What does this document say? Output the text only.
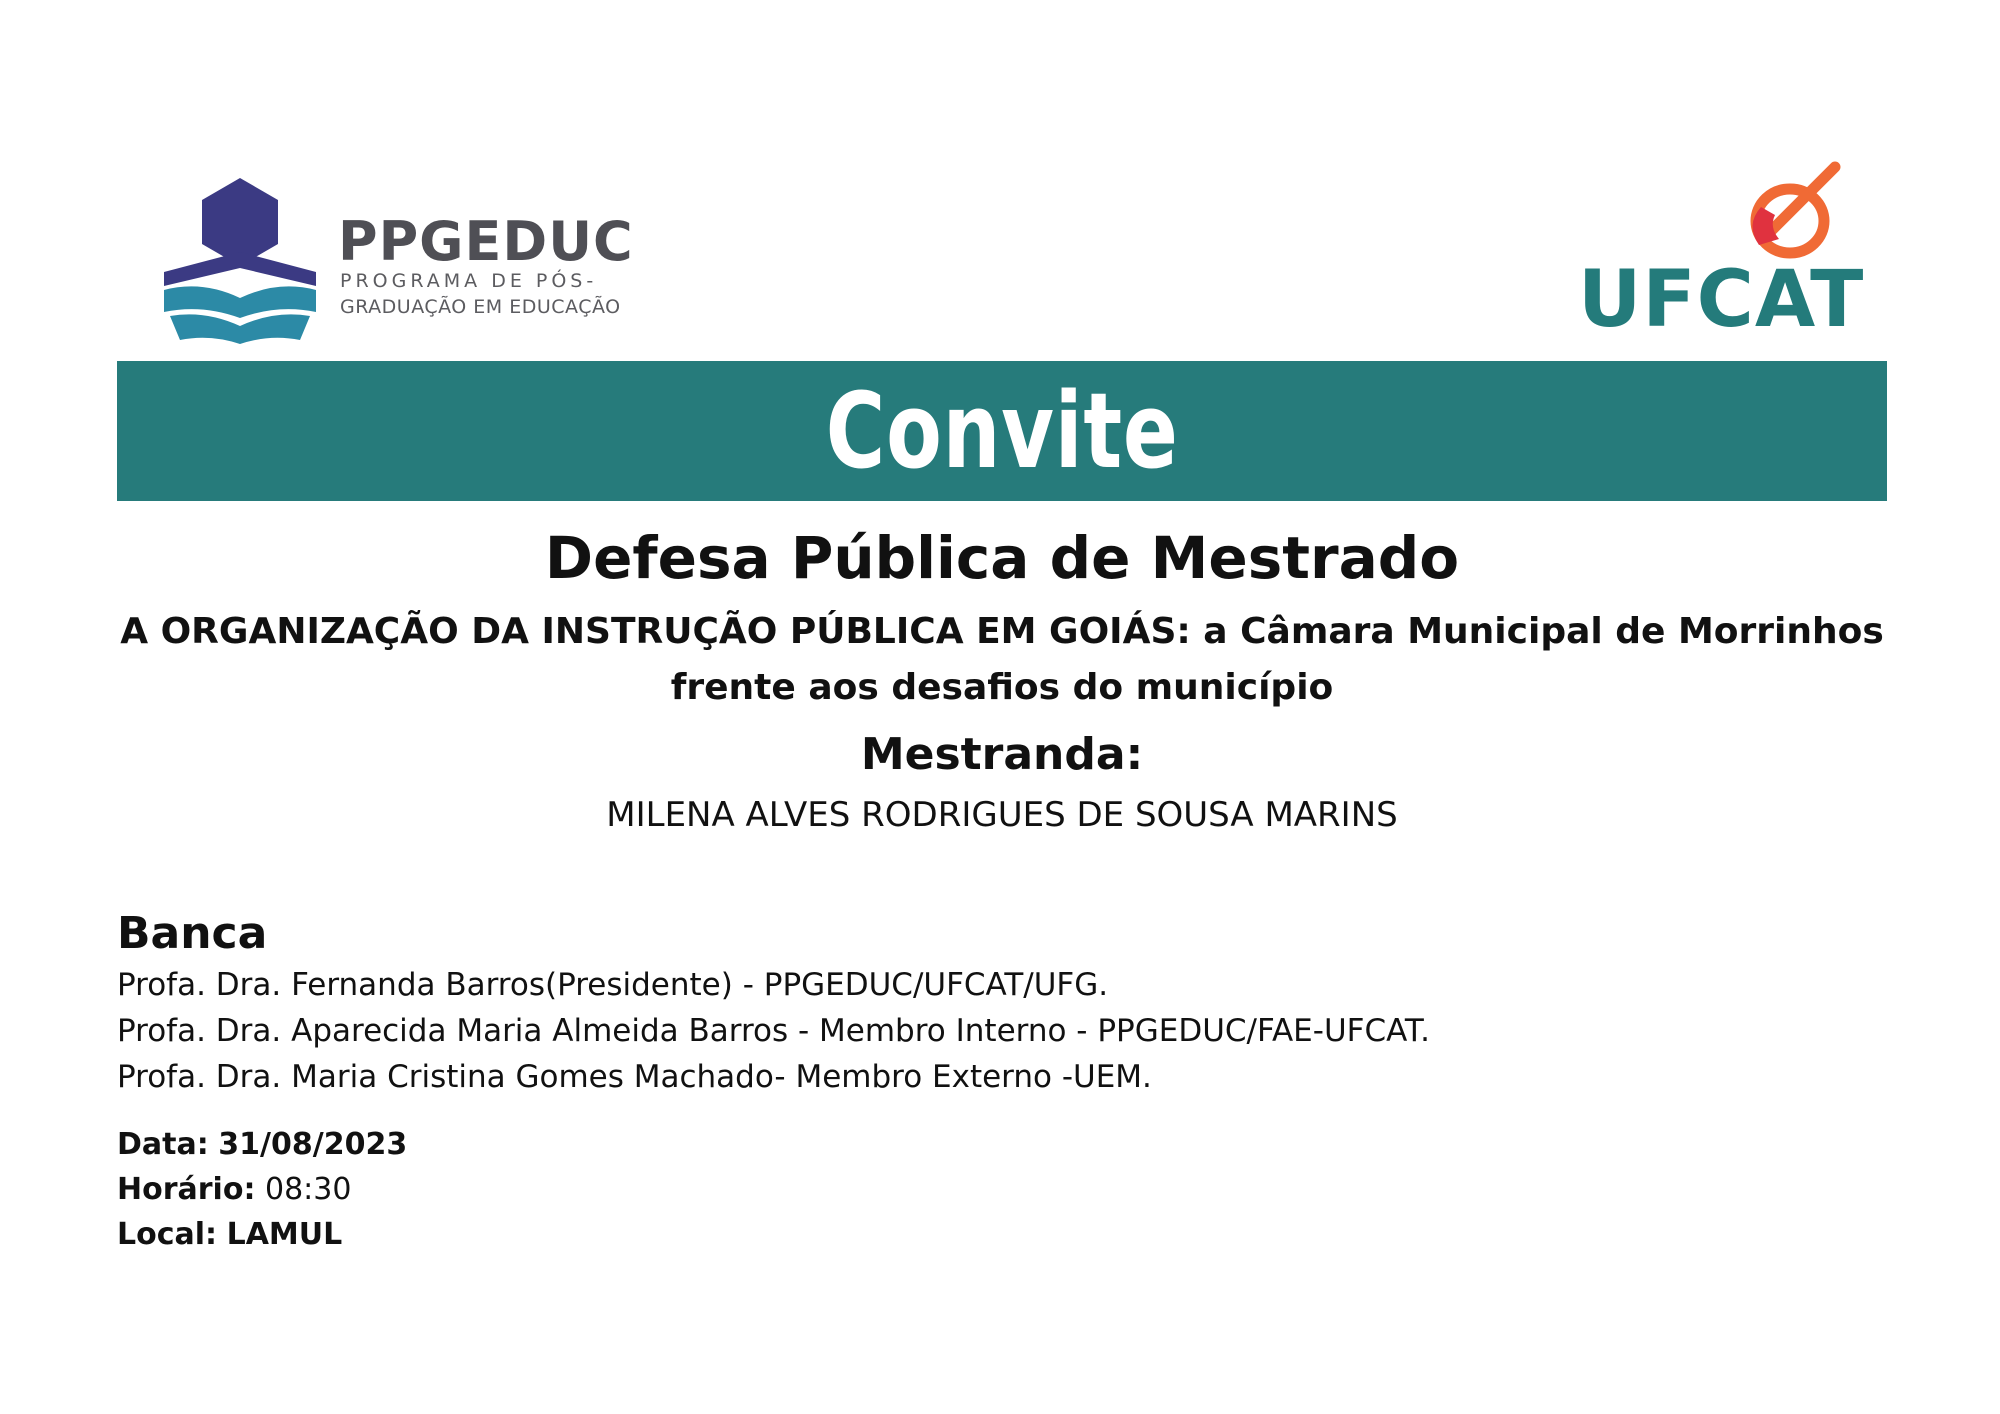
PPGEDUC
PROGRAMA DE PÓS-
GRADUAÇÃO EM EDUCAÇÃO	UFCAT
Convite
Defesa Pública de Mestrado
A ORGANIZAÇÃO DA INSTRUÇÃO PÚBLICA EM GOIÁS: a Câmara Municipal de Morrinhos
frente aos desafios do município
Mestranda:
MILENA ALVES RODRIGUES DE SOUSA MARINS
Banca
Profa. Dra. Fernanda Barros(Presidente) - PPGEDUC/UFCAT/UFG.
Profa. Dra. Aparecida Maria Almeida Barros - Membro Interno - PPGEDUC/FAE-UFCAT.
Profa. Dra. Maria Cristina Gomes Machado- Membro Externo -UEM.
Data: 31/08/2023
Horário: 08:30
Local: LAMUL
